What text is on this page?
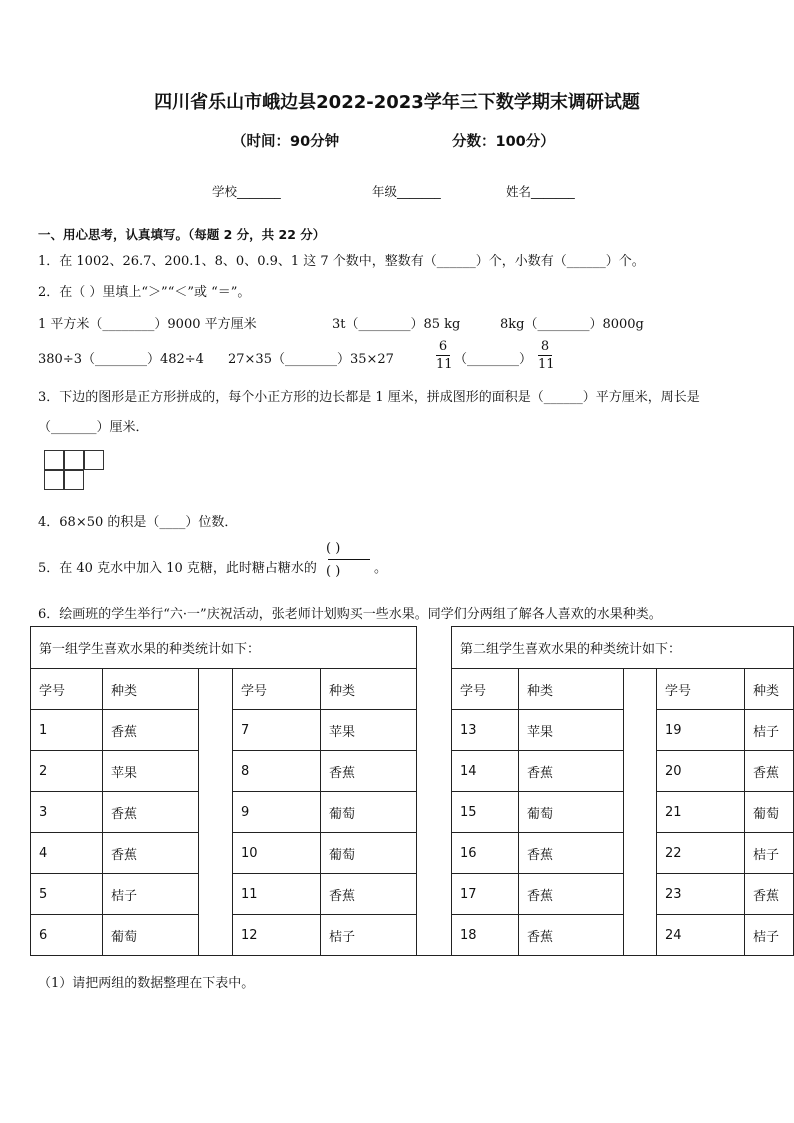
四川省乐山市峨边县2022-2023学年三下数学期末调研试题
（时间：90分钟	分数：100分）
学校_______	年级_______	姓名_______
一、用心思考，认真填写。（每题 2 分，共 22 分）
1．在 1002、26.7、200.1、8、0、0.9、1 这 7 个数中，整数有（______）个，小数有（______）个。
2．在（ ）里填上“＞”“＜”或 “＝”。
1 平方米（________）9000 平方厘米	3t（________）85 kg	8kg（________）8000g
380÷3（________）482÷4 27×35（________）35×27
6
11 （________）
8
11
3．下边的图形是正方形拼成的，每个小正方形的边长都是 1 厘米，拼成图形的面积是（______）平方厘米，周长是
（_______）厘米．
4．68×50 的积是（____）位数．
5．在 40 克水中加入 10 克糖，此时糖占糖水的
( )
( )	。
6．绘画班的学生举行“六·一”庆祝活动，张老师计划购买一些水果。同学们分两组了解各人喜欢的水果种类。
第一组学生喜欢水果的种类统计如下：						第二组学生喜欢水果的种类统计如下：				
学号	种类		学号	种类		学号	种类		学号	种类
1	香蕉		7	苹果		13	苹果		19	桔子
2	苹果		8	香蕉		14	香蕉		20	香蕉
3	香蕉		9	葡萄		15	葡萄		21	葡萄
4	香蕉		10	葡萄		16	香蕉		22	桔子
5	桔子		11	香蕉		17	香蕉		23	香蕉
6	葡萄		12	桔子		18	香蕉		24	桔子
（1）请把两组的数据整理在下表中。
